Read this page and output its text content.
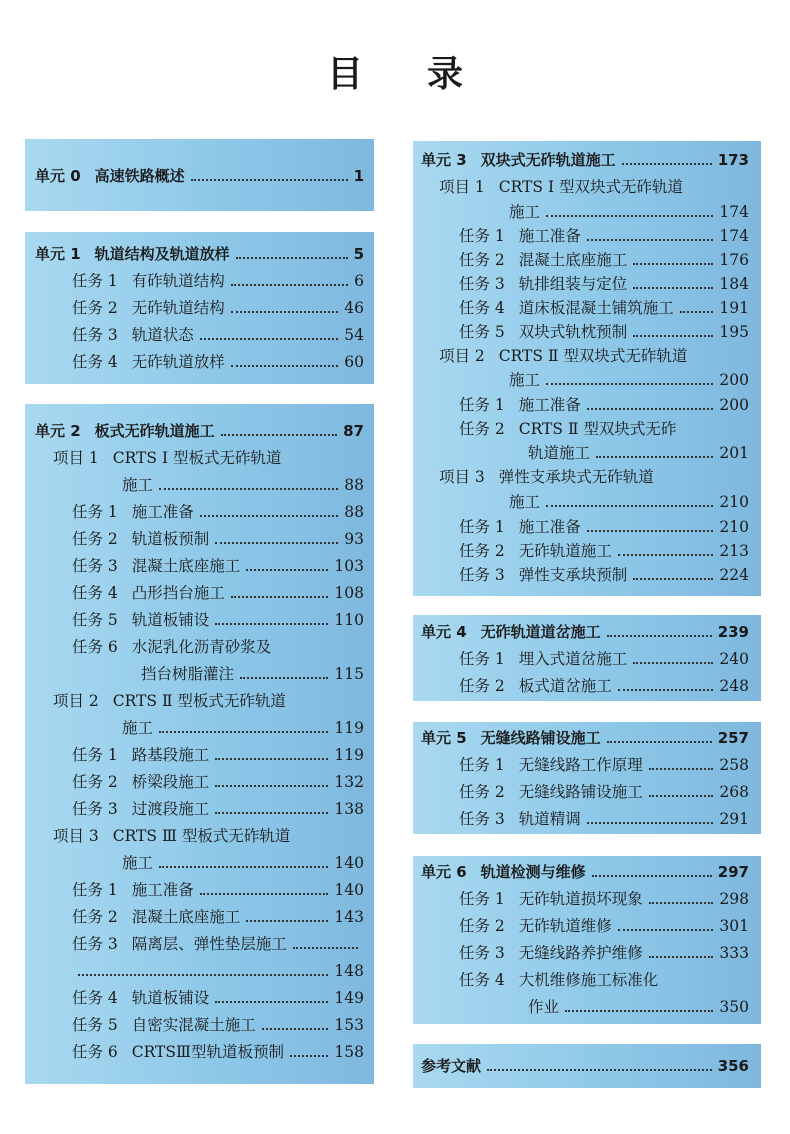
目 录
单元 0 高速铁路概述	1
单元 1 轨道结构及轨道放样	5
任务 1 有砟轨道结构	6
任务 2 无砟轨道结构	46
任务 3 轨道状态	54
任务 4 无砟轨道放样	60
单元 2 板式无砟轨道施工	87
项目 1 CRTS Ⅰ 型板式无砟轨道
施工	88
任务 1 施工准备	88
任务 2 轨道板预制	93
任务 3 混凝土底座施工	103
任务 4 凸形挡台施工	108
任务 5 轨道板铺设	110
任务 6 水泥乳化沥青砂浆及
挡台树脂灌注	115
项目 2 CRTS Ⅱ 型板式无砟轨道
施工	119
任务 1 路基段施工	119
任务 2 桥梁段施工	132
任务 3 过渡段施工	138
项目 3 CRTS Ⅲ 型板式无砟轨道
施工	140
任务 1 施工准备	140
任务 2 混凝土底座施工	143
任务 3 隔离层、弹性垫层施工
148
任务 4 轨道板铺设	149
任务 5 自密实混凝土施工	153
任务 6 CRTSⅢ型轨道板预制	158
单元 3 双块式无砟轨道施工	173
项目 1 CRTS Ⅰ 型双块式无砟轨道
施工	174
任务 1 施工准备	174
任务 2 混凝土底座施工	176
任务 3 轨排组装与定位	184
任务 4 道床板混凝土铺筑施工	191
任务 5 双块式轨枕预制	195
项目 2 CRTS Ⅱ 型双块式无砟轨道
施工	200
任务 1 施工准备	200
任务 2 CRTS Ⅱ 型双块式无砟
轨道施工	201
项目 3 弹性支承块式无砟轨道
施工	210
任务 1 施工准备	210
任务 2 无砟轨道施工	213
任务 3 弹性支承块预制	224
单元 4 无砟轨道道岔施工	239
任务 1 埋入式道岔施工	240
任务 2 板式道岔施工	248
单元 5 无缝线路铺设施工	257
任务 1 无缝线路工作原理	258
任务 2 无缝线路铺设施工	268
任务 3 轨道精调	291
单元 6 轨道检测与维修	297
任务 1 无砟轨道损坏现象	298
任务 2 无砟轨道维修	301
任务 3 无缝线路养护维修	333
任务 4 大机维修施工标准化
作业	350
参考文献	356
